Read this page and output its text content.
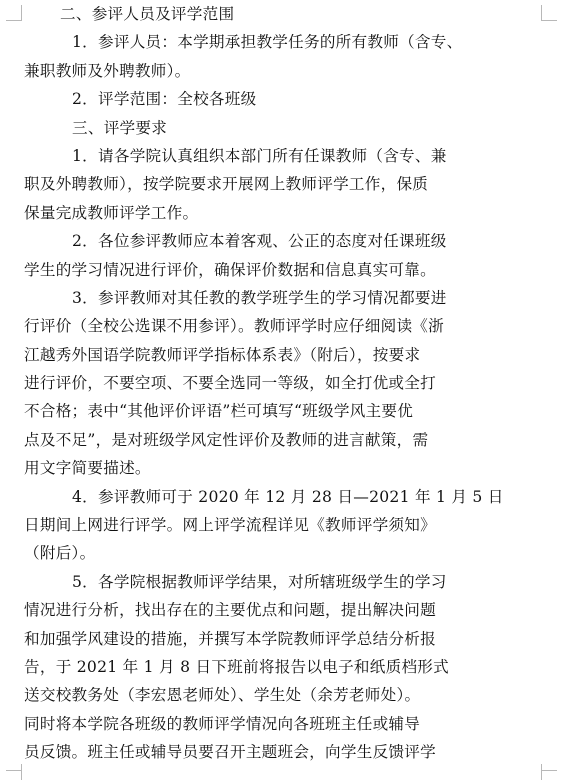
二、参评人员及评学范围
1．参评人员：本学期承担教学任务的所有教师（含专、
兼职教师及外聘教师）。
2．评学范围：全校各班级
三、评学要求
1．请各学院认真组织本部门所有任课教师（含专、兼
职及外聘教师），按学院要求开展网上教师评学工作，保质
保量完成教师评学工作。
2．各位参评教师应本着客观、公正的态度对任课班级
学生的学习情况进行评价，确保评价数据和信息真实可靠。
3．参评教师对其任教的教学班学生的学习情况都要进
行评价（全校公选课不用参评）。教师评学时应仔细阅读《浙
江越秀外国语学院教师评学指标体系表》（附后），按要求
进行评价，不要空项、不要全选同一等级，如全打优或全打
不合格；表中“其他评价评语”栏可填写“班级学风主要优
点及不足”，是对班级学风定性评价及教师的进言献策，需
用文字简要描述。
4．参评教师可于 2020 年 12 月 28 日—2021 年 1 月 5 日
日期间上网进行评学。网上评学流程详见《教师评学须知》
（附后）。
5．各学院根据教师评学结果，对所辖班级学生的学习
情况进行分析，找出存在的主要优点和问题，提出解决问题
和加强学风建设的措施，并撰写本学院教师评学总结分析报
告，于 2021 年 1 月 8 日下班前将报告以电子和纸质档形式
送交校教务处（李宏恩老师处）、学生处（余芳老师处）。
同时将本学院各班级的教师评学情况向各班班主任或辅导
员反馈。班主任或辅导员要召开主题班会，向学生反馈评学
